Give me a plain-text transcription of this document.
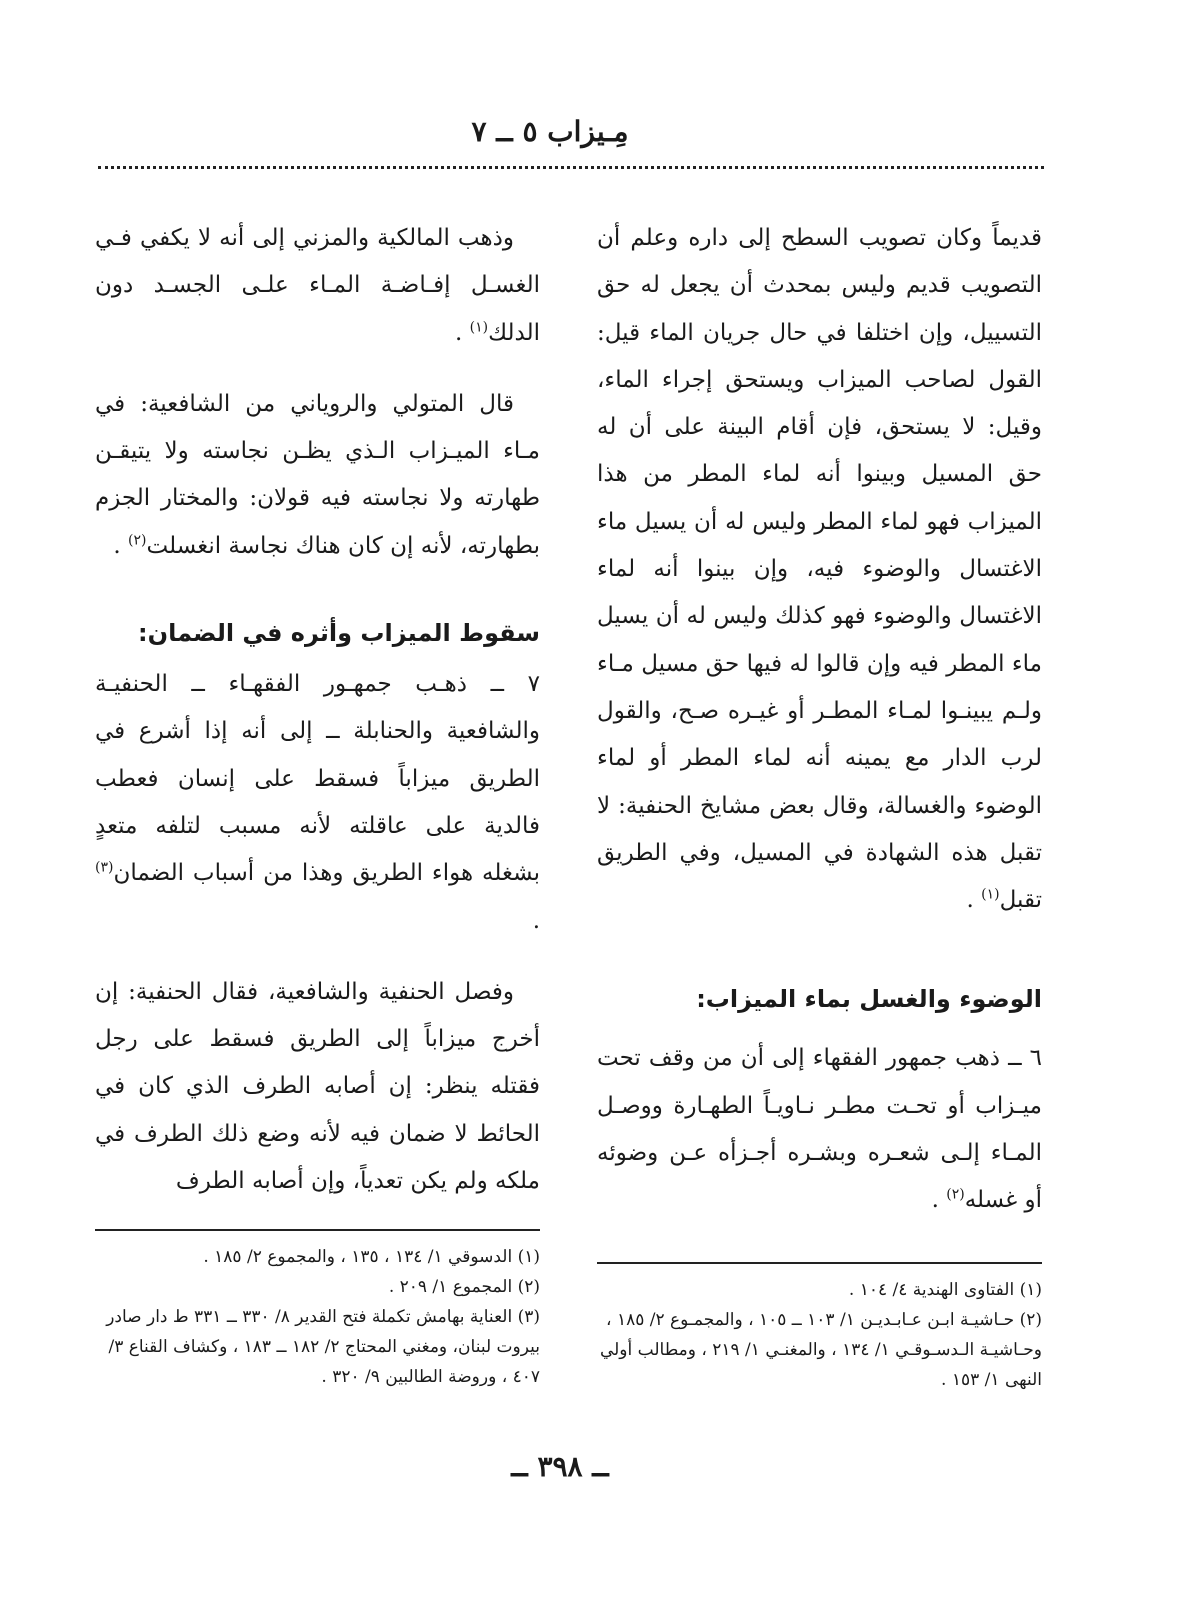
مِـيزاب ٥ ــ ٧

قديماً وكان تصويب السطح إلى داره وعلم أن التصويب قديم وليس بمحدث أن يجعل له حق التسييل، وإن اختلفا في حال جريان الماء قيل: القول لصاحب الميزاب ويستحق إجراء الماء، وقيل: لا يستحق، فإن أقام البينة على أن له حق المسيل وبينوا أنه لماء المطر من هذا الميزاب فهو لماء المطر وليس له أن يسيل ماء الاغتسال والوضوء فيه، وإن بينوا أنه لماء الاغتسال والوضوء فهو كذلك وليس له أن يسيل ماء المطر فيه وإن قالوا له فيها حق مسيل مـاء ولـم يبينـوا لمـاء المطـر أو غيـره صـح، والقول لرب الدار مع يمينه أنه لماء المطر أو لماء الوضوء والغسالة، وقال بعض مشايخ الحنفية: لا تقبل هذه الشهادة في المسيل، وفي الطريق تقبل$^{(١)}$ .

الوضوء والغسل بماء الميزاب:

٦ ــ ذهب جمهور الفقهاء إلى أن من وقف تحت ميـزاب أو تحـت مطـر نـاويـاً الطهـارة ووصـل المـاء إلـى شعـره وبشـره أجـزأه عـن وضوئه أو غسله$^{(٢)}$ .

وذهب المالكية والمزني إلى أنه لا يكفي فـي الغسـل إفـاضـة المـاء علـى الجسـد دون الدلك$^{(١)}$ .

قال المتولي والروياني من الشافعية: في مـاء الميـزاب الـذي يظـن نجاسته ولا يتيقـن طهارته ولا نجاسته فيه قولان: والمختار الجزم بطهارته، لأنه إن كان هناك نجاسة انغسلت$^{(٢)}$ .

سقوط الميزاب وأثره في الضمان:

٧ ــ ذهـب جمهـور الفقهـاء ــ الحنفيـة والشافعية والحنابلة ــ إلى أنه إذا أشرع في الطريق ميزاباً فسقط على إنسان فعطب فالدية على عاقلته لأنه مسبب لتلفه متعدٍ بشغله هواء الطريق وهذا من أسباب الضمان$^{(٣)}$ .

وفصل الحنفية والشافعية، فقال الحنفية: إن أخرج ميزاباً إلى الطريق فسقط على رجل فقتله ينظر: إن أصابه الطرف الذي كان في الحائط لا ضمان فيه لأنه وضع ذلك الطرف في ملكه ولم يكن تعدياً، وإن أصابه الطرف

(١) الفتاوى الهندية ٤/ ١٠٤ .
(٢) حـاشيـة ابـن عـابـديـن ١/ ١٠٣ ــ ١٠٥ ، والمجمـوع ٢/ ١٨٥ ، وحـاشيـة الـدسـوقـي ١/ ١٣٤ ، والمغنـي ١/ ٢١٩ ، ومطالب أولي النهى ١/ ١٥٣ .
(١) الدسوقي ١/ ١٣٤ ، ١٣٥ ، والمجموع ٢/ ١٨٥ .
(٢) المجموع ١/ ٢٠٩ .
(٣) العناية بهامش تكملة فتح القدير ٨/ ٣٣٠ ــ ٣٣١ ط دار صادر بيروت لبنان، ومغني المحتاج ٢/ ١٨٢ ــ ١٨٣ ، وكشاف القناع ٣/ ٤٠٧ ، وروضة الطالبين ٩/ ٣٢٠ .
ــ ٣٩٨ ــ
